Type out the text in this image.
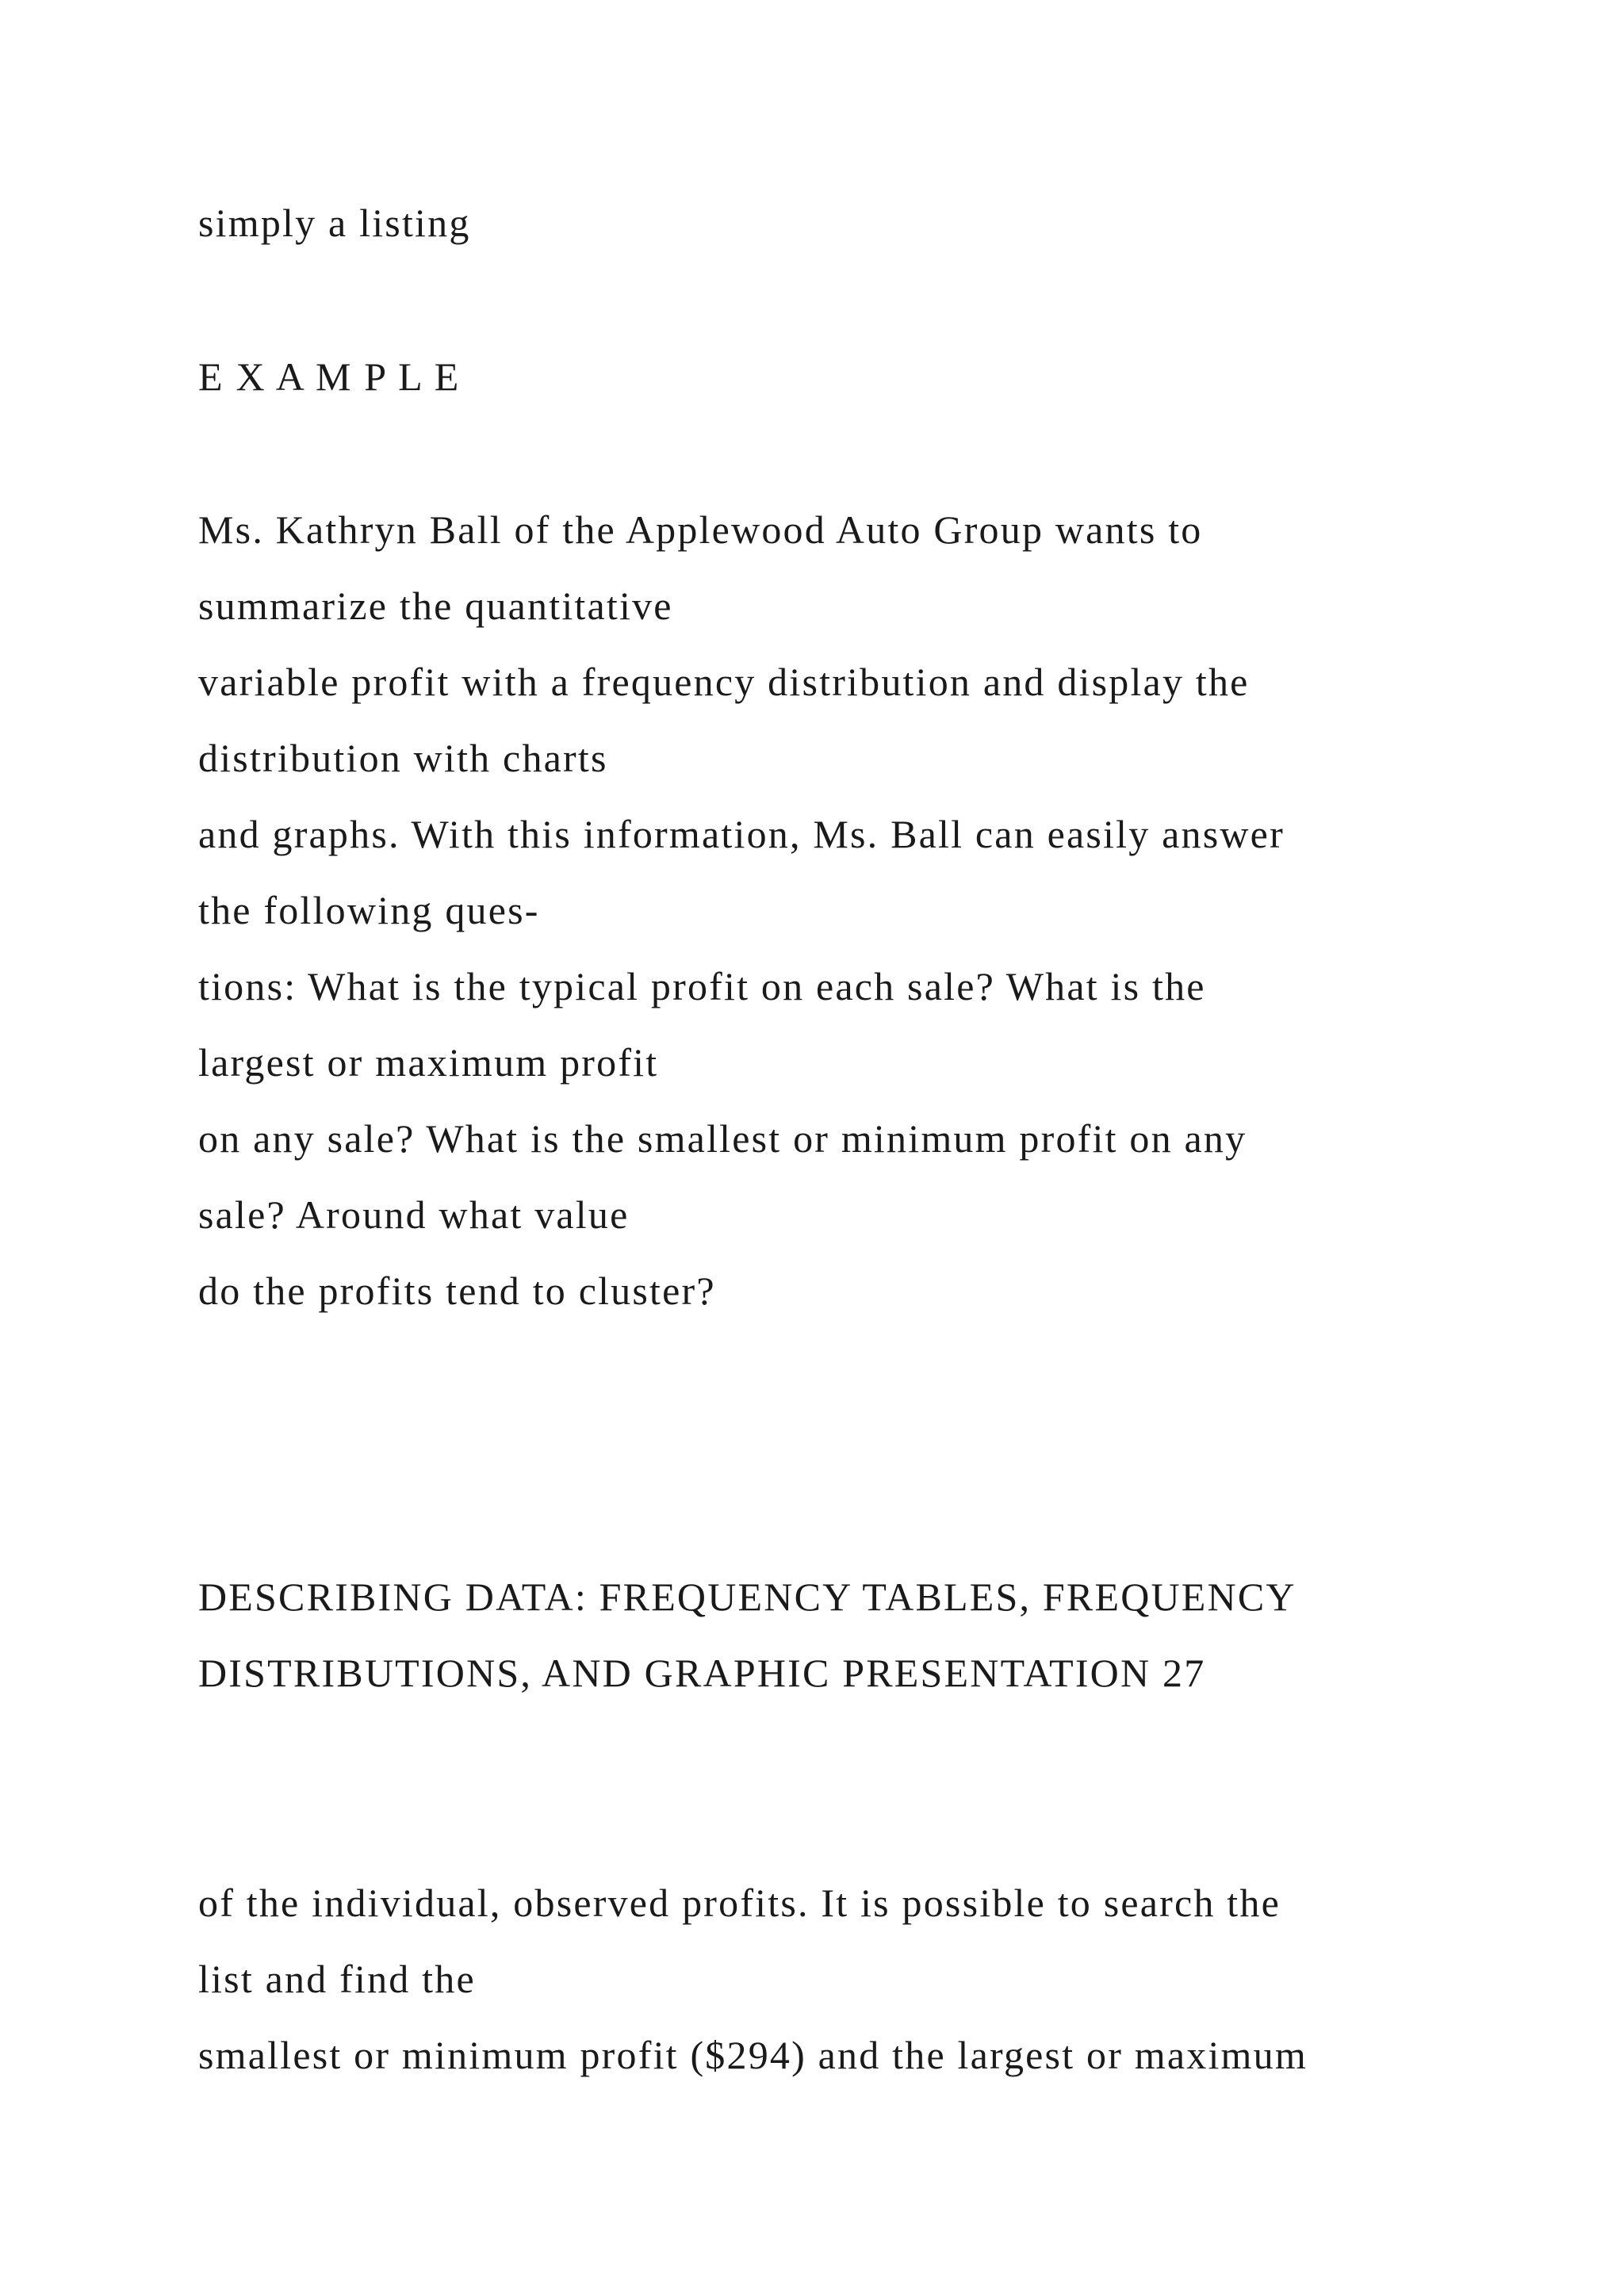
simply a listing
E X A M P L E
Ms. Kathryn Ball of the Applewood Auto Group wants to
summarize the quantitative
variable profit with a frequency distribution and display the
distribution with charts
and graphs. With this information, Ms. Ball can easily answer
the following ques-
tions: What is the typical profit on each sale? What is the
largest or maximum profit
on any sale? What is the smallest or minimum profit on any
sale? Around what value
do the profits tend to cluster?
DESCRIBING DATA: FREQUENCY TABLES, FREQUENCY
DISTRIBUTIONS, AND GRAPHIC PRESENTATION 27
of the individual, observed profits. It is possible to search the
list and find the
smallest or minimum profit ($294) and the largest or maximum
